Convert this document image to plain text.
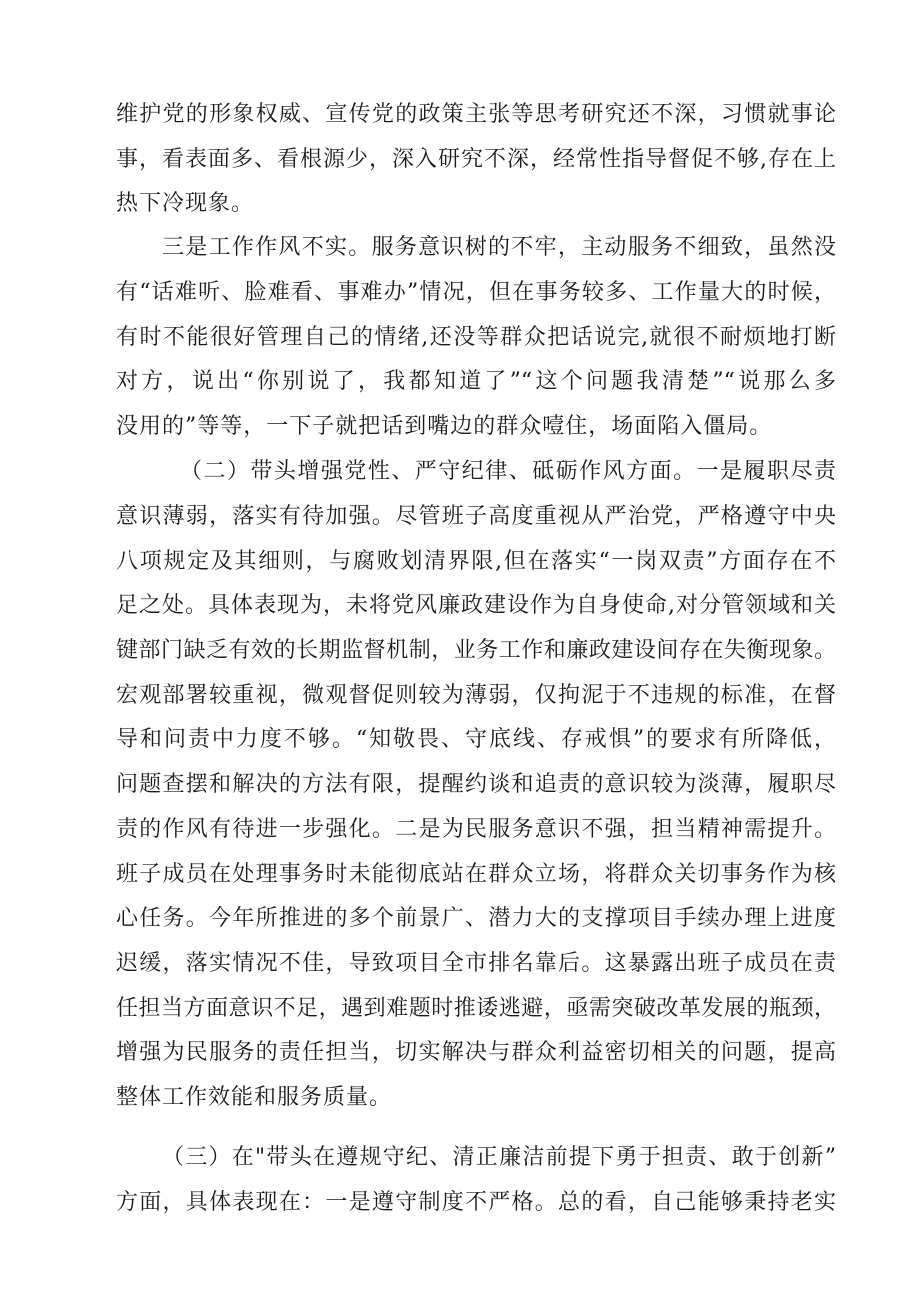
维护党的形象权威、宣传党的政策主张等思考研究还不深，习惯就事论
事，看表面多、看根源少，深入研究不深，经常性指导督促不够,存在上
热下冷现象。
三是工作作风不实。服务意识树的不牢，主动服务不细致，虽然没
有“话难听、脸难看、事难办”情况，但在事务较多、工作量大的时候，
有时不能很好管理自己的情绪,还没等群众把话说完,就很不耐烦地打断
对方，说出“你别说了，我都知道了”“这个问题我清楚”“说那么多
没用的”等等，一下子就把话到嘴边的群众噎住，场面陷入僵局。
（二）带头增强党性、严守纪律、砥砺作风方面。一是履职尽责
意识薄弱，落实有待加强。尽管班子高度重视从严治党，严格遵守中央
八项规定及其细则，与腐败划清界限,但在落实“一岗双责”方面存在不
足之处。具体表现为，未将党风廉政建设作为自身使命,对分管领域和关
键部门缺乏有效的长期监督机制，业务工作和廉政建设间存在失衡现象。
宏观部署较重视，微观督促则较为薄弱，仅拘泥于不违规的标准，在督
导和问责中力度不够。“知敬畏、守底线、存戒惧”的要求有所降低，
问题查摆和解决的方法有限，提醒约谈和追责的意识较为淡薄，履职尽
责的作风有待进一步强化。二是为民服务意识不强，担当精神需提升。
班子成员在处理事务时未能彻底站在群众立场，将群众关切事务作为核
心任务。今年所推进的多个前景广、潜力大的支撑项目手续办理上进度
迟缓，落实情况不佳，导致项目全市排名靠后。这暴露出班子成员在责
任担当方面意识不足，遇到难题时推诿逃避，亟需突破改革发展的瓶颈，
增强为民服务的责任担当，切实解决与群众利益密切相关的问题，提高
整体工作效能和服务质量。
（三）在"带头在遵规守纪、清正廉洁前提下勇于担责、敢于创新”
方面，具体表现在：一是遵守制度不严格。总的看，自己能够秉持老实
